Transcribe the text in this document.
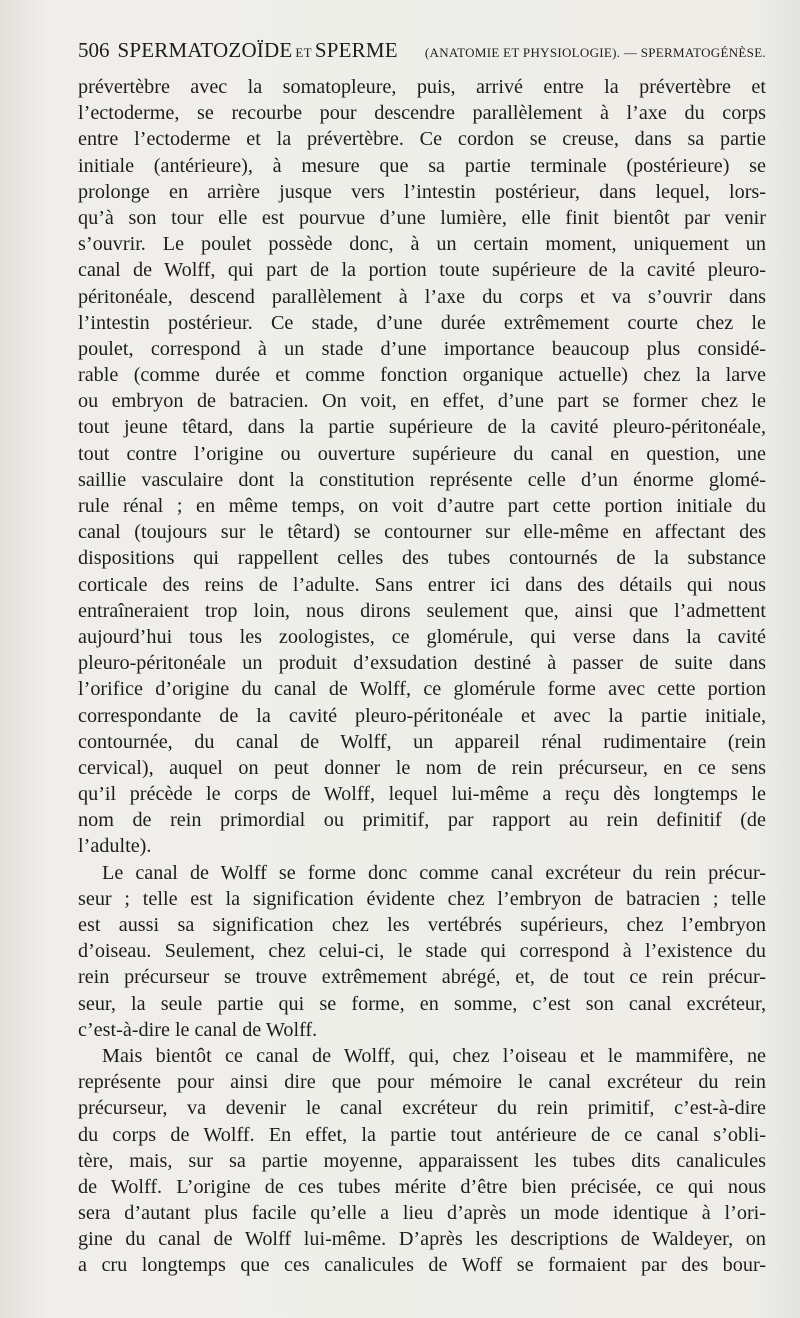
506 SPERMATOZOÏDE ET SPERME (ANATOMIE ET PHYSIOLOGIE). — SPERMATOGÉNÈSE.
prévertèbre avec la somatopleure, puis, arrivé entre la prévertèbre et
l’ectoderme, se recourbe pour descendre parallèlement à l’axe du corps
entre l’ectoderme et la prévertèbre. Ce cordon se creuse, dans sa partie
initiale (antérieure), à mesure que sa partie terminale (postérieure) se
prolonge en arrière jusque vers l’intestin postérieur, dans lequel, lors-
qu’à son tour elle est pourvue d’une lumière, elle finit bientôt par venir
s’ouvrir. Le poulet possède donc, à un certain moment, uniquement un
canal de Wolff, qui part de la portion toute supérieure de la cavité pleuro-
péritonéale, descend parallèlement à l’axe du corps et va s’ouvrir dans
l’intestin postérieur. Ce stade, d’une durée extrêmement courte chez le
poulet, correspond à un stade d’une importance beaucoup plus considé-
rable (comme durée et comme fonction organique actuelle) chez la larve
ou embryon de batracien. On voit, en effet, d’une part se former chez le
tout jeune têtard, dans la partie supérieure de la cavité pleuro-péritonéale,
tout contre l’origine ou ouverture supérieure du canal en question, une
saillie vasculaire dont la constitution représente celle d’un énorme glomé-
rule rénal ; en même temps, on voit d’autre part cette portion initiale du
canal (toujours sur le têtard) se contourner sur elle-même en affectant des
dispositions qui rappellent celles des tubes contournés de la substance
corticale des reins de l’adulte. Sans entrer ici dans des détails qui nous
entraîneraient trop loin, nous dirons seulement que, ainsi que l’admettent
aujourd’hui tous les zoologistes, ce glomérule, qui verse dans la cavité
pleuro-péritonéale un produit d’exsudation destiné à passer de suite dans
l’orifice d’origine du canal de Wolff, ce glomérule forme avec cette portion
correspondante de la cavité pleuro-péritonéale et avec la partie initiale,
contournée, du canal de Wolff, un appareil rénal rudimentaire (rein
cervical), auquel on peut donner le nom de rein précurseur, en ce sens
qu’il précède le corps de Wolff, lequel lui-même a reçu dès longtemps le
nom de rein primordial ou primitif, par rapport au rein definitif (de
l’adulte).
Le canal de Wolff se forme donc comme canal excréteur du rein précur-
seur ; telle est la signification évidente chez l’embryon de batracien ; telle
est aussi sa signification chez les vertébrés supérieurs, chez l’embryon
d’oiseau. Seulement, chez celui-ci, le stade qui correspond à l’existence du
rein précurseur se trouve extrêmement abrégé, et, de tout ce rein précur-
seur, la seule partie qui se forme, en somme, c’est son canal excréteur,
c’est-à-dire le canal de Wolff.
Mais bientôt ce canal de Wolff, qui, chez l’oiseau et le mammifère, ne
représente pour ainsi dire que pour mémoire le canal excréteur du rein
précurseur, va devenir le canal excréteur du rein primitif, c’est-à-dire
du corps de Wolff. En effet, la partie tout antérieure de ce canal s’obli-
tère, mais, sur sa partie moyenne, apparaissent les tubes dits canalicules
de Wolff. L’origine de ces tubes mérite d’être bien précisée, ce qui nous
sera d’autant plus facile qu’elle a lieu d’après un mode identique à l’ori-
gine du canal de Wolff lui-même. D’après les descriptions de Waldeyer, on
a cru longtemps que ces canalicules de Woff se formaient par des bour-
